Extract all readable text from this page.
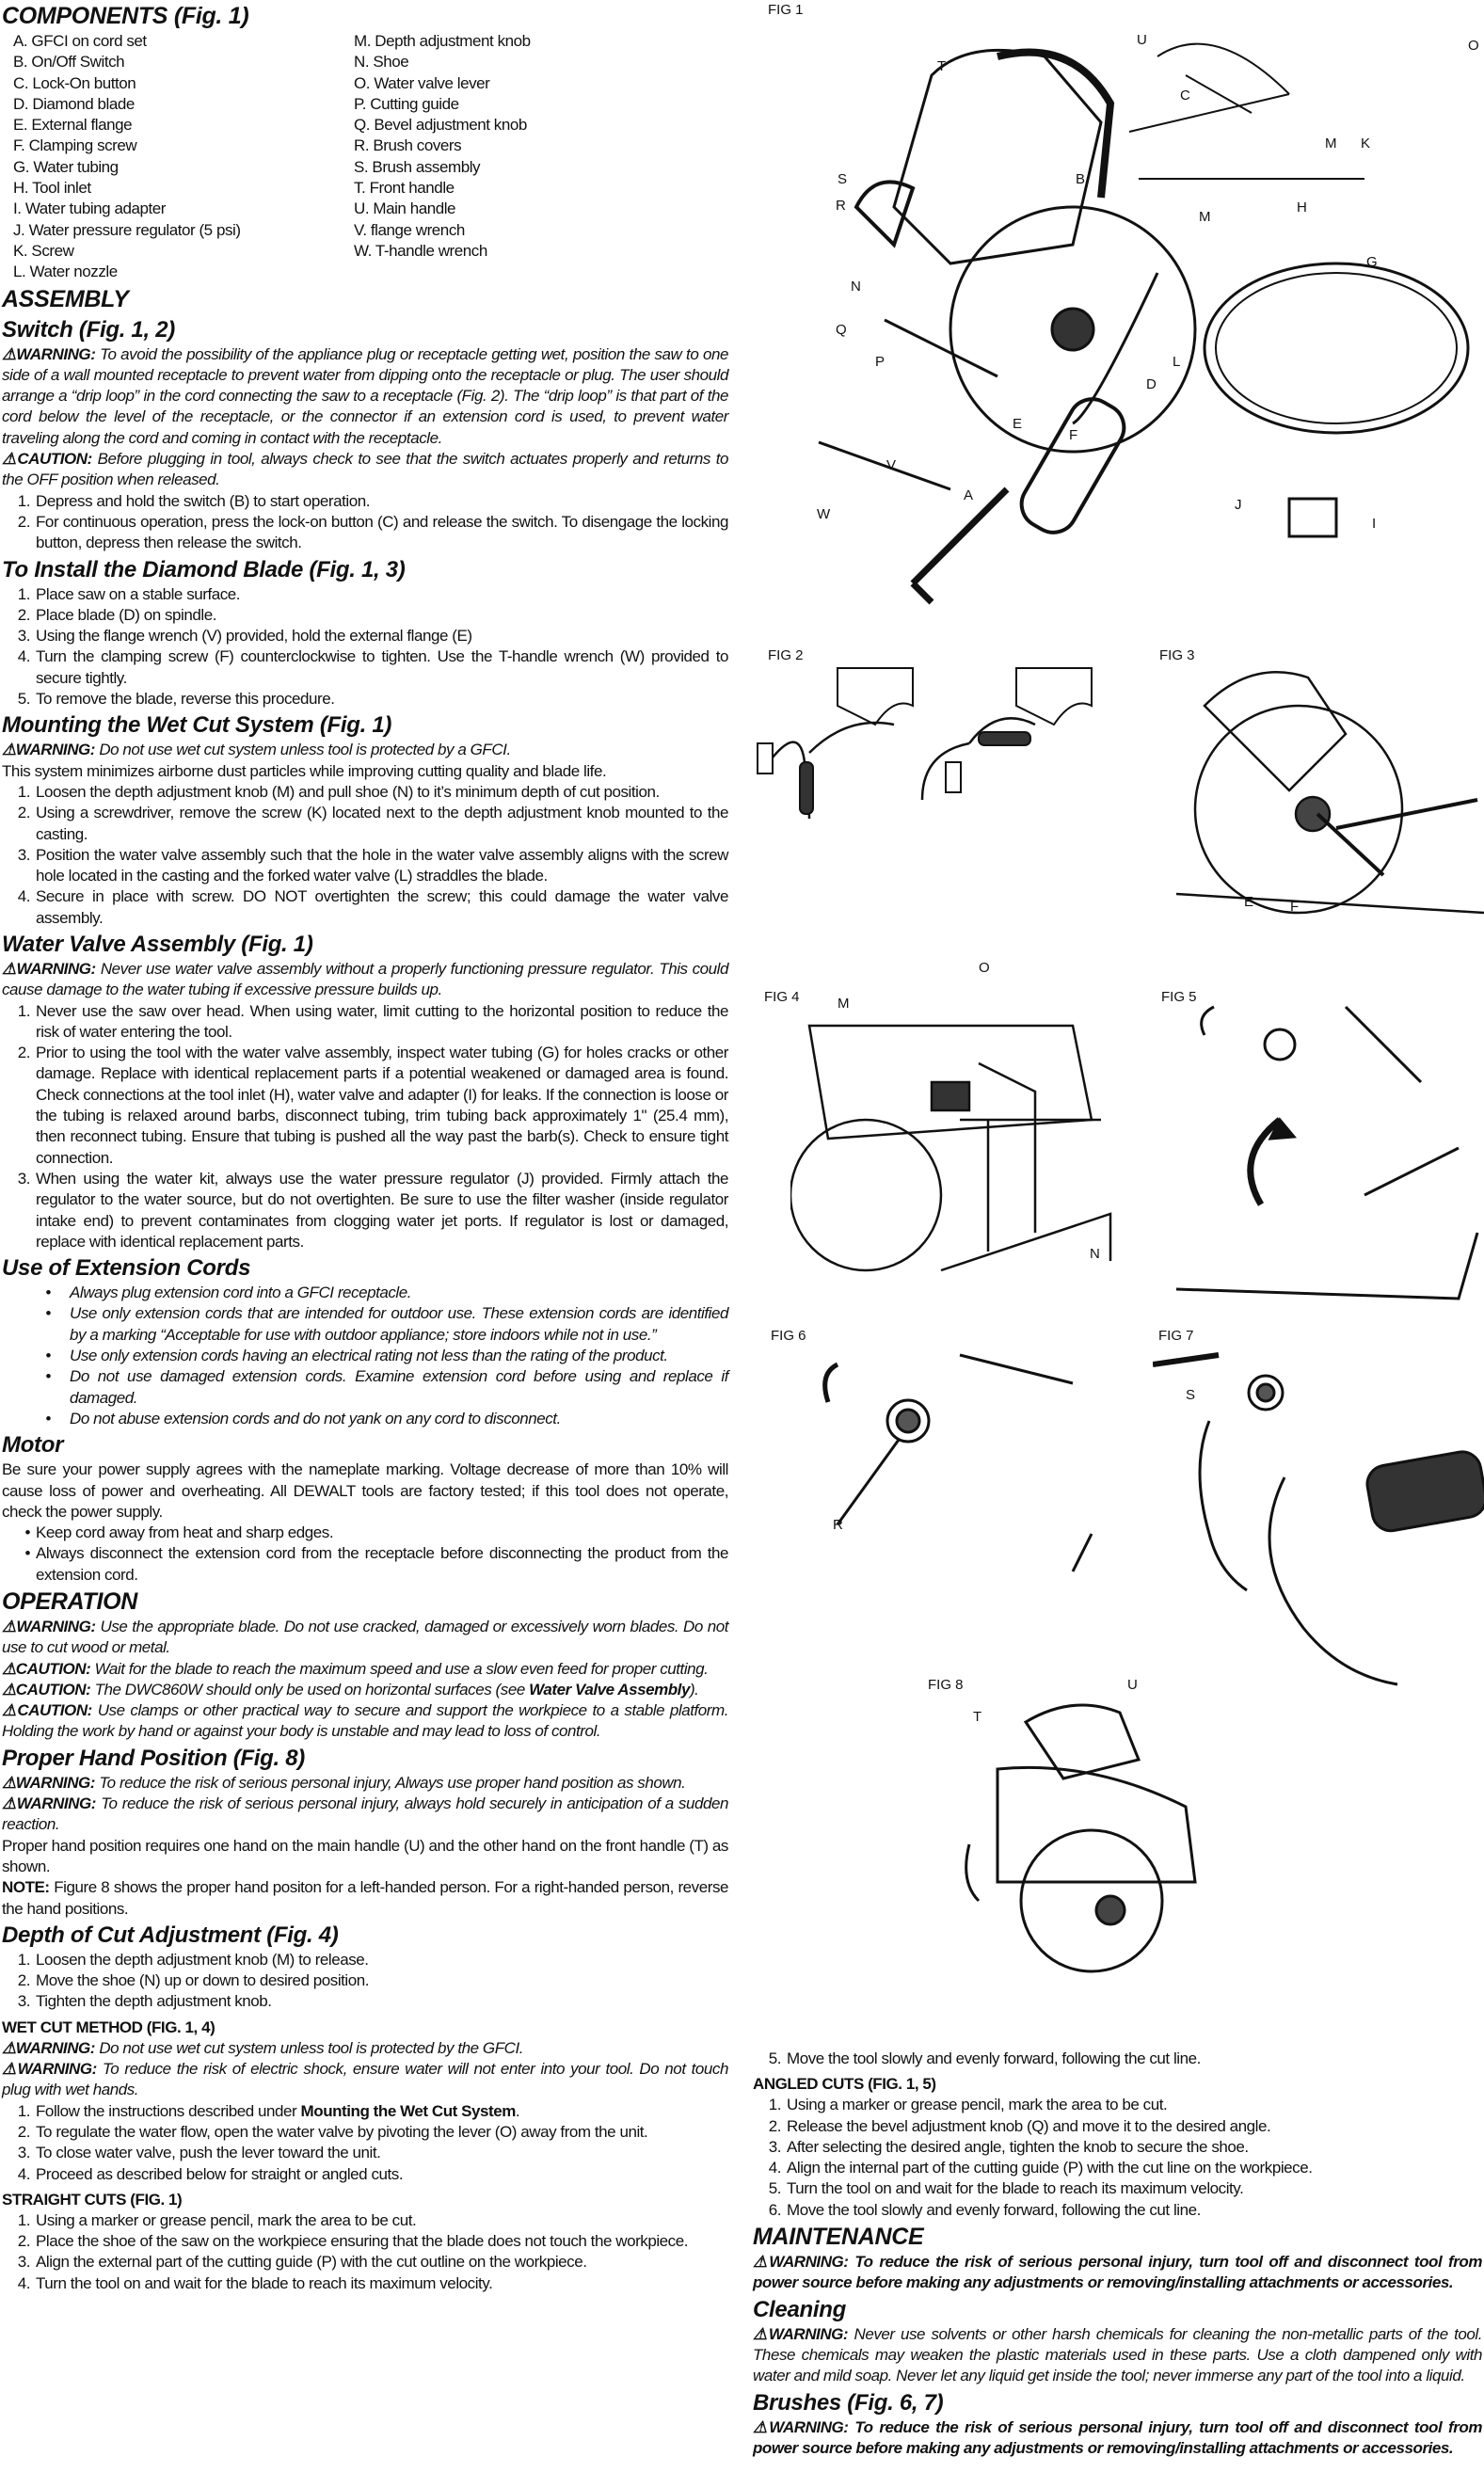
COMPONENTS (Fig. 1)
A. GFCI on cord set	M. Depth adjustment knob
B. On/Off Switch	N. Shoe
C. Lock-On button	O. Water valve lever
D. Diamond blade	P. Cutting guide
E. External flange	Q. Bevel adjustment knob
F. Clamping screw	R. Brush covers
G. Water tubing	S. Brush assembly
H. Tool inlet	T. Front handle
I. Water tubing adapter	U. Main handle
J. Water pressure regulator (5 psi)	V. flange wrench
K. Screw	W. T-handle wrench
L. Water nozzle
ASSEMBLY
Switch (Fig. 1, 2)
⚠WARNING: To avoid the possibility of the appliance plug or receptacle getting wet, position the saw to one side of a wall mounted receptacle to prevent water from dipping onto the receptacle or plug. The user should arrange a “drip loop” in the cord connecting the saw to a receptacle (Fig. 2). The “drip loop” is that part of the cord below the level of the receptacle, or the connector if an extension cord is used, to prevent water traveling along the cord and coming in contact with the receptacle.
⚠CAUTION: Before plugging in tool, always check to see that the switch actuates properly and returns to the OFF position when released.
1. Depress and hold the switch (B) to start operation.
2. For continuous operation, press the lock-on button (C) and release the switch. To disengage the locking button, depress then release the switch.
To Install the Diamond Blade (Fig. 1, 3)
1. Place saw on a stable surface.
2. Place blade (D) on spindle.
3. Using the flange wrench (V) provided, hold the external flange (E)
4. Turn the clamping screw (F) counterclockwise to tighten. Use the T-handle wrench (W) provided to secure tightly.
5. To remove the blade, reverse this procedure.
Mounting the Wet Cut System (Fig. 1)
⚠WARNING: Do not use wet cut system unless tool is protected by a GFCI.
This system minimizes airborne dust particles while improving cutting quality and blade life.
1. Loosen the depth adjustment knob (M) and pull shoe (N) to it’s minimum depth of cut position.
2. Using a screwdriver, remove the screw (K) located next to the depth adjustment knob mounted to the casting.
3. Position the water valve assembly such that the hole in the water valve assembly aligns with the screw hole located in the casting and the forked water valve (L) straddles the blade.
4. Secure in place with screw. DO NOT overtighten the screw; this could damage the water valve assembly.
Water Valve Assembly (Fig. 1)
⚠WARNING: Never use water valve assembly without a properly functioning pressure regulator. This could cause damage to the water tubing if excessive pressure builds up.
1. Never use the saw over head. When using water, limit cutting to the horizontal position to reduce the risk of water entering the tool.
2. Prior to using the tool with the water valve assembly, inspect water tubing (G) for holes cracks or other damage. Replace with identical replacement parts if a potential weakened or damaged area is found. Check connections at the tool inlet (H), water valve and adapter (I) for leaks. If the connection is loose or the tubing is relaxed around barbs, disconnect tubing, trim tubing back approximately 1" (25.4 mm), then reconnect tubing. Ensure that tubing is pushed all the way past the barb(s). Check to ensure tight connection.
3. When using the water kit, always use the water pressure regulator (J) provided. Firmly attach the regulator to the water source, but do not overtighten. Be sure to use the filter washer (inside regulator intake end) to prevent contaminates from clogging water jet ports. If regulator is lost or damaged, replace with identical replacement parts.
Use of Extension Cords
•	Always plug extension cord into a GFCI receptacle.
•	Use only extension cords that are intended for outdoor use. These extension cords are identified by a marking “Acceptable for use with outdoor appliance; store indoors while not in use.”
•	Use only extension cords having an electrical rating not less than the rating of the product.
•	Do not use damaged extension cords. Examine extension cord before using and replace if damaged.
•	Do not abuse extension cords and do not yank on any cord to disconnect.
Motor
Be sure your power supply agrees with the nameplate marking. Voltage decrease of more than 10% will cause loss of power and overheating. All DEWALT tools are factory tested; if this tool does not operate, check the power supply.
• Keep cord away from heat and sharp edges.
• Always disconnect the extension cord from the receptacle before disconnecting the product from the extension cord.
OPERATION
⚠WARNING: Use the appropriate blade. Do not use cracked, damaged or excessively worn blades. Do not use to cut wood or metal.
⚠CAUTION: Wait for the blade to reach the maximum speed and use a slow even feed for proper cutting.
⚠CAUTION: The DWC860W should only be used on horizontal surfaces (see Water Valve Assembly).
⚠CAUTION: Use clamps or other practical way to secure and support the workpiece to a stable platform. Holding the work by hand or against your body is unstable and may lead to loss of control.
Proper Hand Position (Fig. 8)
⚠WARNING: To reduce the risk of serious personal injury, Always use proper hand position as shown.
⚠WARNING: To reduce the risk of serious personal injury, always hold securely in anticipation of a sudden reaction.
Proper hand position requires one hand on the main handle (U) and the other hand on the front handle (T) as shown.
NOTE: Figure 8 shows the proper hand positon for a left-handed person. For a right-handed person, reverse the hand positions.
Depth of Cut Adjustment (Fig. 4)
1. Loosen the depth adjustment knob (M) to release.
2. Move the shoe (N) up or down to desired position.
3. Tighten the depth adjustment knob.
WET CUT METHOD (FIG. 1, 4)
⚠WARNING: Do not use wet cut system unless tool is protected by the GFCI.
⚠WARNING: To reduce the risk of electric shock, ensure water will not enter into your tool. Do not touch plug with wet hands.
1. Follow the instructions described under Mounting the Wet Cut System.
2. To regulate the water flow, open the water valve by pivoting the lever (O) away from the unit.
3. To close water valve, push the lever toward the unit.
4. Proceed as described below for straight or angled cuts.
STRAIGHT CUTS (FIG. 1)
1. Using a marker or grease pencil, mark the area to be cut.
2. Place the shoe of the saw on the workpiece ensuring that the blade does not touch the workpiece.
3. Align the external part of the cutting guide (P) with the cut outline on the workpiece.
4. Turn the tool on and wait for the blade to reach its maximum velocity.
5. Move the tool slowly and evenly forward, following the cut line.
ANGLED CUTS (FIG. 1, 5)
1. Using a marker or grease pencil, mark the area to be cut.
2. Release the bevel adjustment knob (Q) and move it to the desired angle.
3. After selecting the desired angle, tighten the knob to secure the shoe.
4. Align the internal part of the cutting guide (P) with the cut line on the workpiece.
5. Turn the tool on and wait for the blade to reach its maximum velocity.
6. Move the tool slowly and evenly forward, following the cut line.
MAINTENANCE
⚠WARNING: To reduce the risk of serious personal injury, turn tool off and disconnect tool from power source before making any adjustments or removing/installing attachments or accessories.
Cleaning
⚠WARNING: Never use solvents or other harsh chemicals for cleaning the non-metallic parts of the tool. These chemicals may weaken the plastic materials used in these parts. Use a cloth dampened only with water and mild soap. Never let any liquid get inside the tool; never immerse any part of the tool into a liquid.
Brushes (Fig. 6, 7)
⚠WARNING: To reduce the risk of serious personal injury, turn tool off and disconnect tool from power source before making any adjustments or removing/installing attachments or accessories.
FIG 1
U	O
T
C
M K
S	B
R	H
M
G
N
Q
P	L
D
E
F
V
A
J
I
W
FIG 2	FIG 3
E	F
FIG 4	M
O
N
FIG 5
FIG 6
R
FIG 7
S
FIG 8	U
T
